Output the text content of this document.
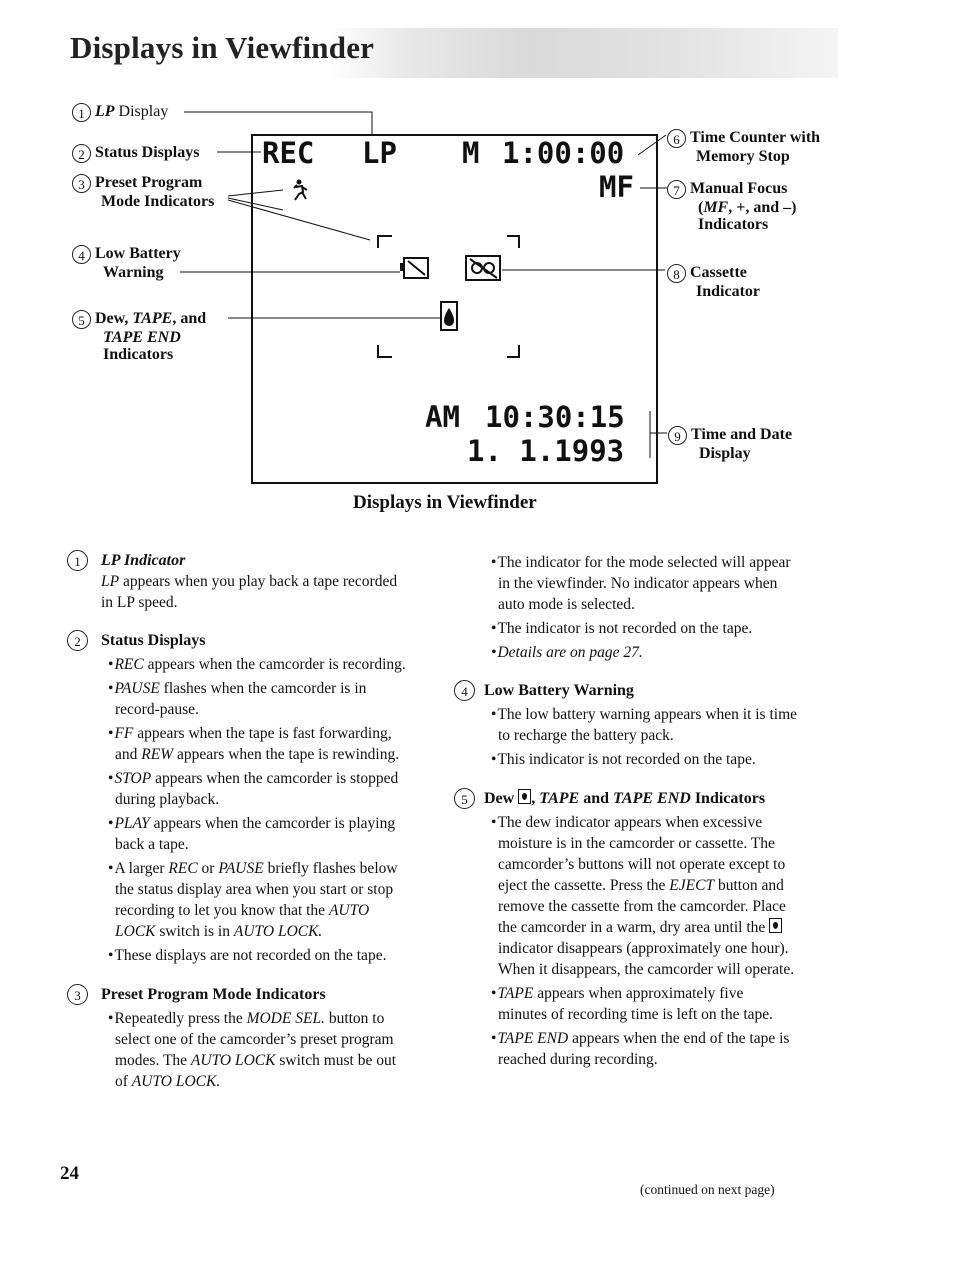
Displays in Viewfinder
REC LP M 1:00:00
MF
AM 10:30:15
1. 1.1993
1 LP Display
2 Status Displays
3 Preset Program
Mode Indicators
4 Low Battery
Warning
5 Dew, TAPE, and
TAPE END
Indicators
6 Time Counter with
Memory Stop
7 Manual Focus
(MF, +, and –)
Indicators
8 Cassette
Indicator
9 Time and Date
Display
Displays in Viewfinder

1	LP Indicator

LP appears when you play back a tape recorded
in LP speed.

2	Status Displays

• REC appears when the camcorder is recording.

• PAUSE flashes when the camcorder is in
record-pause.

• FF appears when the tape is fast forwarding,
and REW appears when the tape is rewinding.

• STOP appears when the camcorder is stopped
during playback.

• PLAY appears when the camcorder is playing
back a tape.

• A larger REC or PAUSE briefly flashes below
the status display area when you start or stop
recording to let you know that the AUTO
LOCK switch is in AUTO LOCK.

• These displays are not recorded on the tape.

3	Preset Program Mode Indicators

• Repeatedly press the MODE SEL. button to
select one of the camcorder’s preset program
modes. The AUTO LOCK switch must be out
of AUTO LOCK.

• The indicator for the mode selected will appear
in the viewfinder. No indicator appears when
auto mode is selected.

• The indicator is not recorded on the tape.

• Details are on page 27.

4	Low Battery Warning

• The low battery warning appears when it is time
to recharge the battery pack.

• This indicator is not recorded on the tape.

5	Dew , TAPE and TAPE END Indicators

• The dew indicator appears when excessive
moisture is in the camcorder or cassette. The
camcorder’s buttons will not operate except to
eject the cassette. Press the EJECT button and
remove the cassette from the camcorder. Place
the camcorder in a warm, dry area until the
indicator disappears (approximately one hour).
When it disappears, the camcorder will operate.

• TAPE appears when approximately five
minutes of recording time is left on the tape.

• TAPE END appears when the end of the tape is
reached during recording.

24
(continued on next page)
